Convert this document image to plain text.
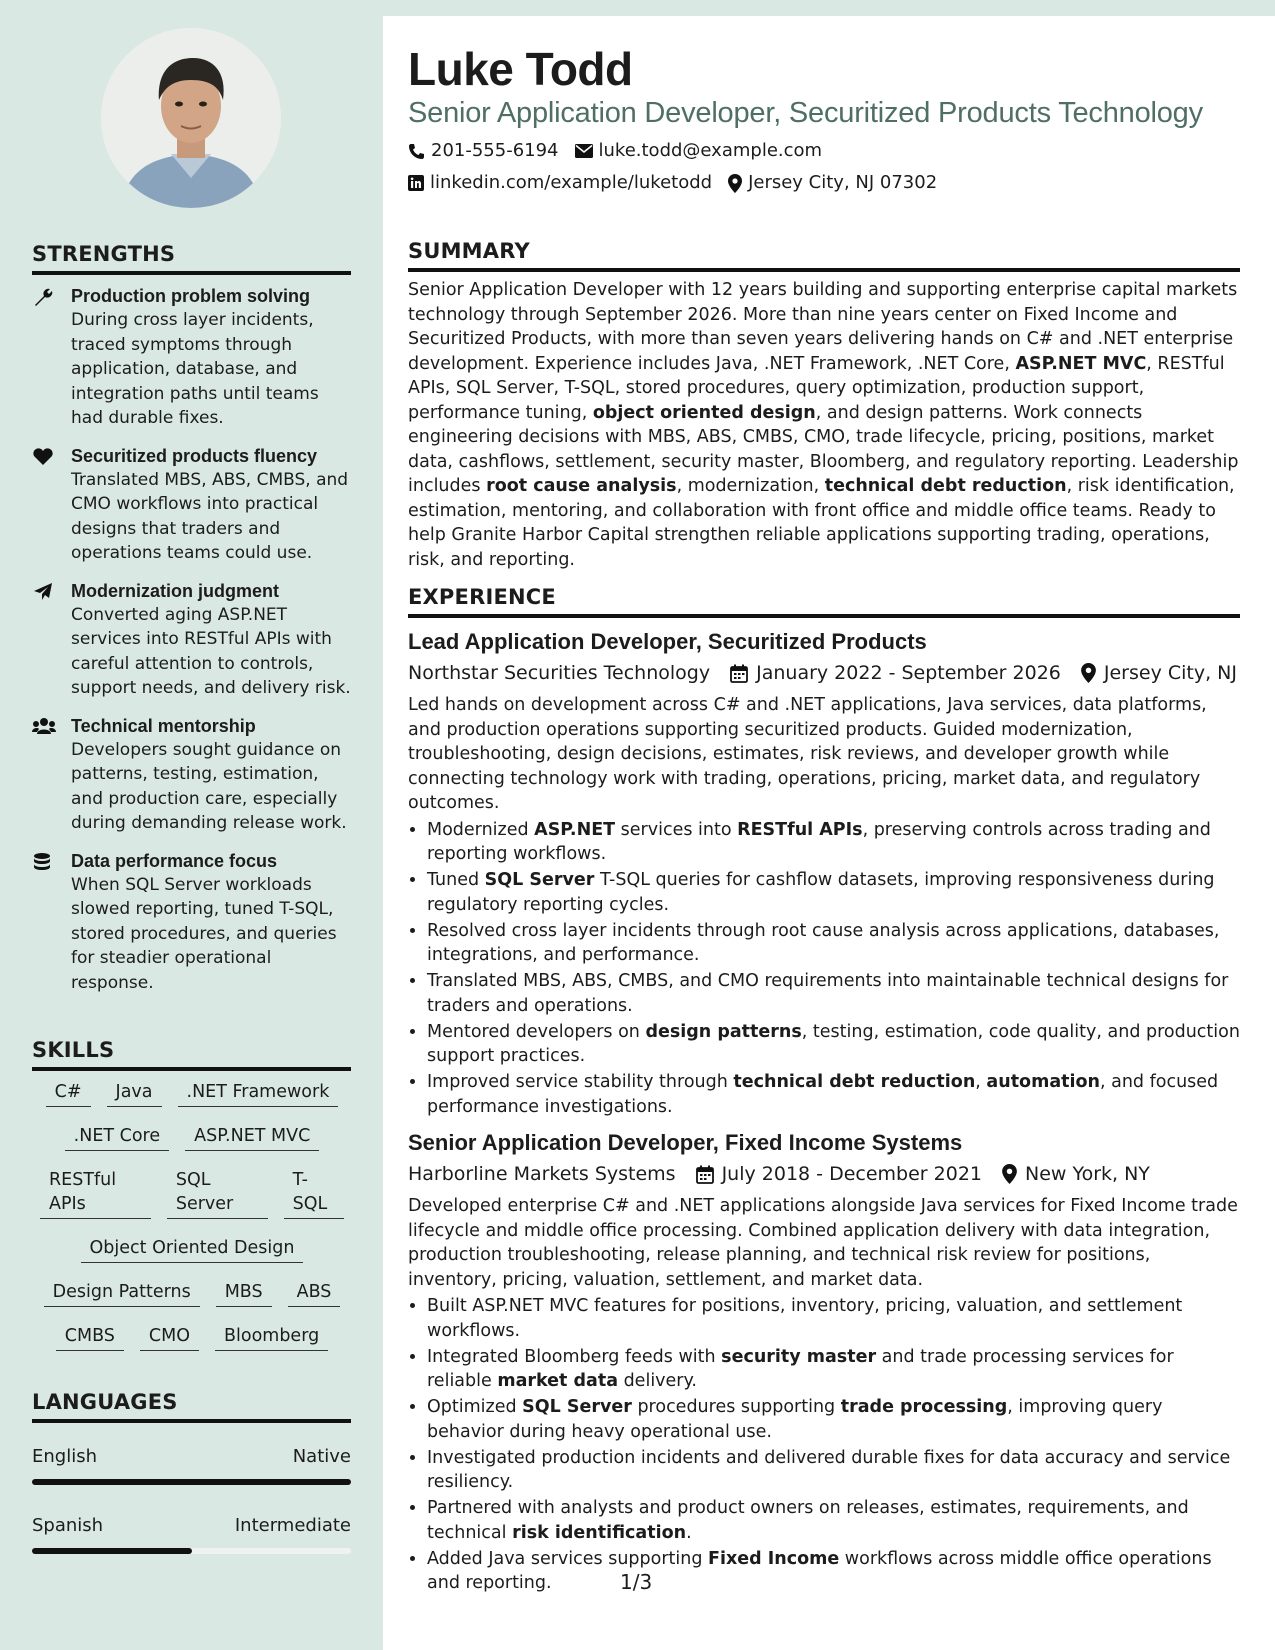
STRENGTHS
Production problem solving
During cross layer incidents, traced symptoms through application, database, and integration paths until teams had durable fixes.
Securitized products fluency
Translated MBS, ABS, CMBS, and CMO workflows into practical designs that traders and operations teams could use.
Modernization judgment
Converted aging ASP.NET services into RESTful APIs with careful attention to controls, support needs, and delivery risk.
Technical mentorship
Developers sought guidance on patterns, testing, estimation, and production care, especially during demanding release work.
Data performance focus
When SQL Server workloads slowed reporting, tuned T-SQL, stored procedures, and queries for steadier operational response.
SKILLS
C#	Java	.NET Framework
.NET Core	ASP.NET MVC
RESTful APIs
SQL Server
T-SQL
Object Oriented Design
Design Patterns	MBS	ABS
CMBS	CMO	Bloomberg
LANGUAGES
English	Native
Spanish	Intermediate
Luke Todd
Senior Application Developer, Securitized Products Technology
201-555-6194 luke.todd@example.com
linkedin.com/example/luketodd Jersey City, NJ 07302
SUMMARY
Senior Application Developer with 12 years building and supporting enterprise capital markets technology through September 2026. More than nine years center on Fixed Income and Securitized Products, with more than seven years delivering hands on C# and .NET enterprise development. Experience includes Java, .NET Framework, .NET Core, ASP.NET MVC, RESTful APIs, SQL Server, T-SQL, stored procedures, query optimization, production support, performance tuning, object oriented design, and design patterns. Work connects engineering decisions with MBS, ABS, CMBS, CMO, trade lifecycle, pricing, positions, market data, cashflows, settlement, security master, Bloomberg, and regulatory reporting. Leadership includes root cause analysis, modernization, technical debt reduction, risk identification, estimation, mentoring, and collaboration with front office and middle office teams. Ready to help Granite Harbor Capital strengthen reliable applications supporting trading, operations, risk, and reporting.
EXPERIENCE
Lead Application Developer, Securitized Products
Northstar Securities Technology January 2022 - September 2026 Jersey City, NJ
Led hands on development across C# and .NET applications, Java services, data platforms, and production operations supporting securitized products. Guided modernization, troubleshooting, design decisions, estimates, risk reviews, and developer growth while connecting technology work with trading, operations, pricing, market data, and regulatory outcomes.
• Modernized ASP.NET services into RESTful APIs, preserving controls across trading and reporting workflows.
• Tuned SQL Server T-SQL queries for cashflow datasets, improving responsiveness during regulatory reporting cycles.
• Resolved cross layer incidents through root cause analysis across applications, databases, integrations, and performance.
• Translated MBS, ABS, CMBS, and CMO requirements into maintainable technical designs for traders and operations.
• Mentored developers on design patterns, testing, estimation, code quality, and production support practices.
• Improved service stability through technical debt reduction, automation, and focused performance investigations.
Senior Application Developer, Fixed Income Systems
Harborline Markets Systems July 2018 - December 2021 New York, NY
Developed enterprise C# and .NET applications alongside Java services for Fixed Income trade lifecycle and middle office processing. Combined application delivery with data integration, production troubleshooting, release planning, and technical risk review for positions, inventory, pricing, valuation, settlement, and market data.
• Built ASP.NET MVC features for positions, inventory, pricing, valuation, and settlement workflows.
• Integrated Bloomberg feeds with security master and trade processing services for reliable market data delivery.
• Optimized SQL Server procedures supporting trade processing, improving query behavior during heavy operational use.
• Investigated production incidents and delivered durable fixes for data accuracy and service resiliency.
• Partnered with analysts and product owners on releases, estimates, requirements, and technical risk identification.
• Added Java services supporting Fixed Income workflows across middle office operations and reporting.	1/3
